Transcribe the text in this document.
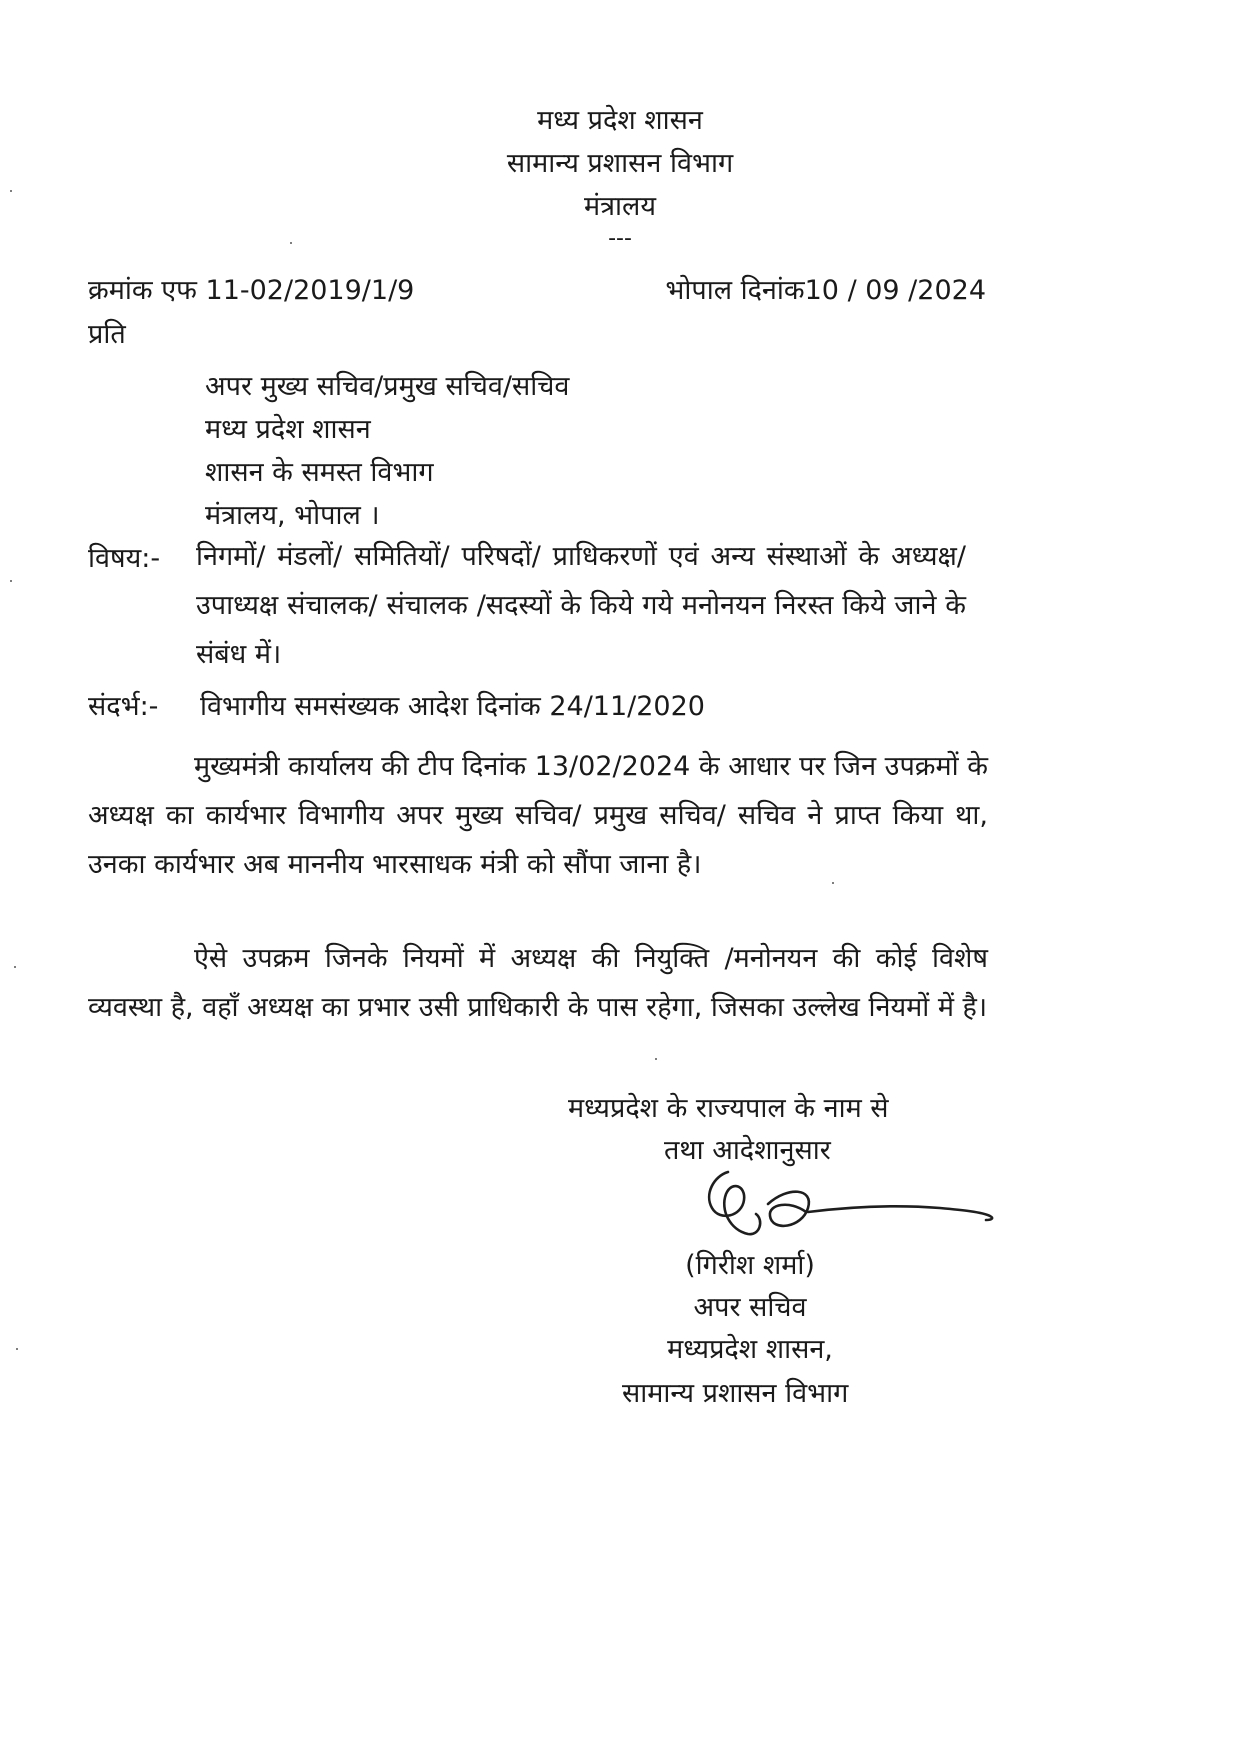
मध्य प्रदेश शासन
सामान्य प्रशासन विभाग
मंत्रालय
---
क्रमांक एफ 11-02/2019/1/9	भोपाल दिनांक10 / 09 /2024
प्रति
अपर मुख्य सचिव/प्रमुख सचिव/सचिव
मध्य प्रदेश शासन
शासन के समस्त विभाग
मंत्रालय, भोपाल ।
विषय:- निगमों/ मंडलों/ समितियों/ परिषदों/ प्राधिकरणों एवं अन्य संस्थाओं के अध्यक्ष/ उपाध्यक्ष संचालक/ संचालक /सदस्यों के किये गये मनोनयन निरस्त किये जाने के संबंध में।
संदर्भ:- विभागीय समसंख्यक आदेश दिनांक 24/11/2020
मुख्यमंत्री कार्यालय की टीप दिनांक 13/02/2024 के आधार पर जिन उपक्रमों के अध्यक्ष का कार्यभार विभागीय अपर मुख्य सचिव/ प्रमुख सचिव/ सचिव ने प्राप्त किया था, उनका कार्यभार अब माननीय भारसाधक मंत्री को सौंपा जाना है।
ऐसे उपक्रम जिनके नियमों में अध्यक्ष की नियुक्ति /मनोनयन की कोई विशेष व्यवस्था है, वहाँ अध्यक्ष का प्रभार उसी प्राधिकारी के पास रहेगा, जिसका उल्लेख नियमों में है।
मध्यप्रदेश के राज्यपाल के नाम से
तथा आदेशानुसार
(गिरीश शर्मा)
अपर सचिव
मध्यप्रदेश शासन,
सामान्य प्रशासन विभाग
